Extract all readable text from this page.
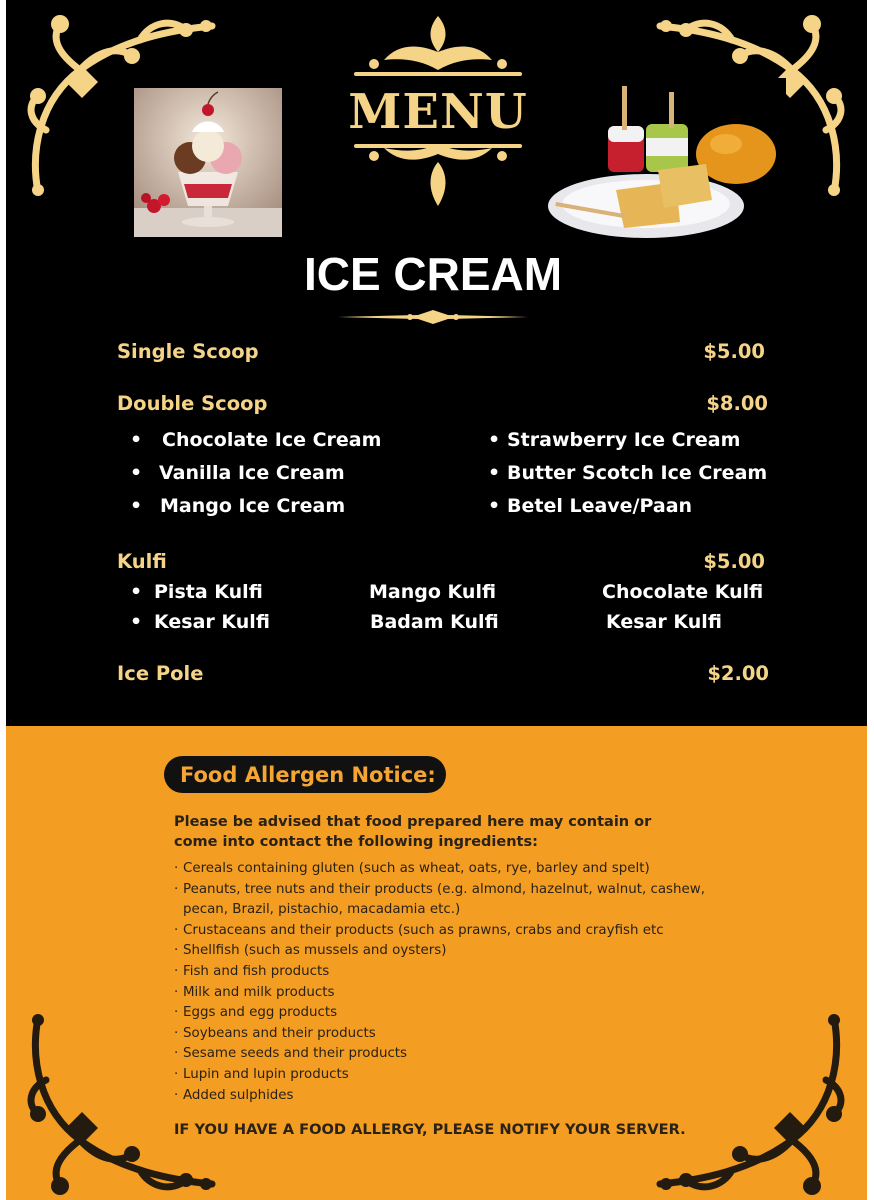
MENU
ICE CREAM
Single Scoop	$5.00
Double Scoop	$8.00
• Chocolate Ice Cream
• Vanilla Ice Cream
• Mango Ice Cream
• Strawberry Ice Cream
• Butter Scotch Ice Cream
• Betel Leave/Paan
Kulfi	$5.00
• Pista Kulfi	Mango Kulfi	Chocolate Kulfi
• Kesar Kulfi	Badam Kulfi	Kesar Kulfi
Ice Pole	$2.00
Food Allergen Notice:
Please be advised that food prepared here may contain or come into contact the following ingredients:
· Cereals containing gluten (such as wheat, oats, rye, barley and spelt)
· Peanuts, tree nuts and their products (e.g. almond, hazelnut, walnut, cashew, pecan, Brazil, pistachio, macadamia etc.)
· Crustaceans and their products (such as prawns, crabs and crayfish etc
· Shellfish (such as mussels and oysters)
· Fish and fish products
· Milk and milk products
· Eggs and egg products
· Soybeans and their products
· Sesame seeds and their products
· Lupin and lupin products
· Added sulphides
IF YOU HAVE A FOOD ALLERGY, PLEASE NOTIFY YOUR SERVER.
